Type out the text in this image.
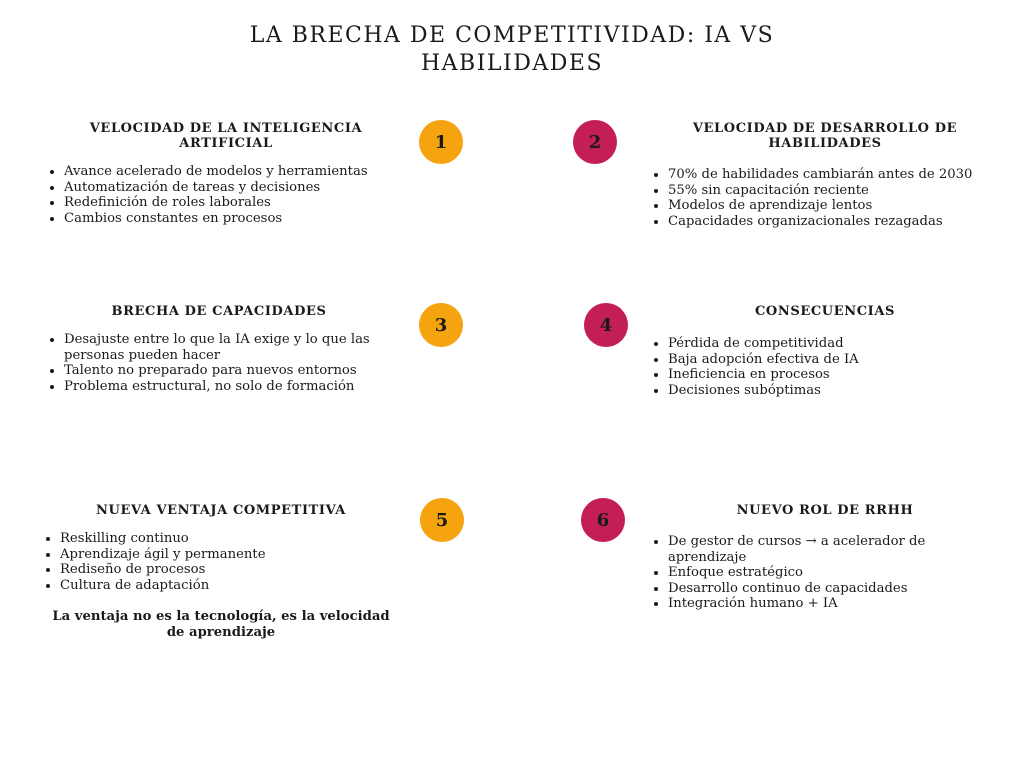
LA BRECHA DE COMPETITIVIDAD: IA VS HABILIDADES
1	2
3	4
5	6
VELOCIDAD DE LA INTELIGENCIA ARTIFICIAL
• Avance acelerado de modelos y herramientas
• Automatización de tareas y decisiones
• Redefinición de roles laborales
• Cambios constantes en procesos
VELOCIDAD DE DESARROLLO DE HABILIDADES
• 70% de habilidades cambiarán antes de 2030
• 55% sin capacitación reciente
• Modelos de aprendizaje lentos
• Capacidades organizacionales rezagadas
BRECHA DE CAPACIDADES
• Desajuste entre lo que la IA exige y lo que las personas pueden hacer
• Talento no preparado para nuevos entornos
• Problema estructural, no solo de formación
CONSECUENCIAS
• Pérdida de competitividad
• Baja adopción efectiva de IA
• Ineficiencia en procesos
• Decisiones subóptimas
NUEVA VENTAJA COMPETITIVA
• Reskilling continuo
• Aprendizaje ágil y permanente
• Rediseño de procesos
• Cultura de adaptación

La ventaja no es la tecnología, es la velocidad de aprendizaje

NUEVO ROL DE RRHH
• De gestor de cursos → a acelerador de aprendizaje
• Enfoque estratégico
• Desarrollo continuo de capacidades
• Integración humano + IA
